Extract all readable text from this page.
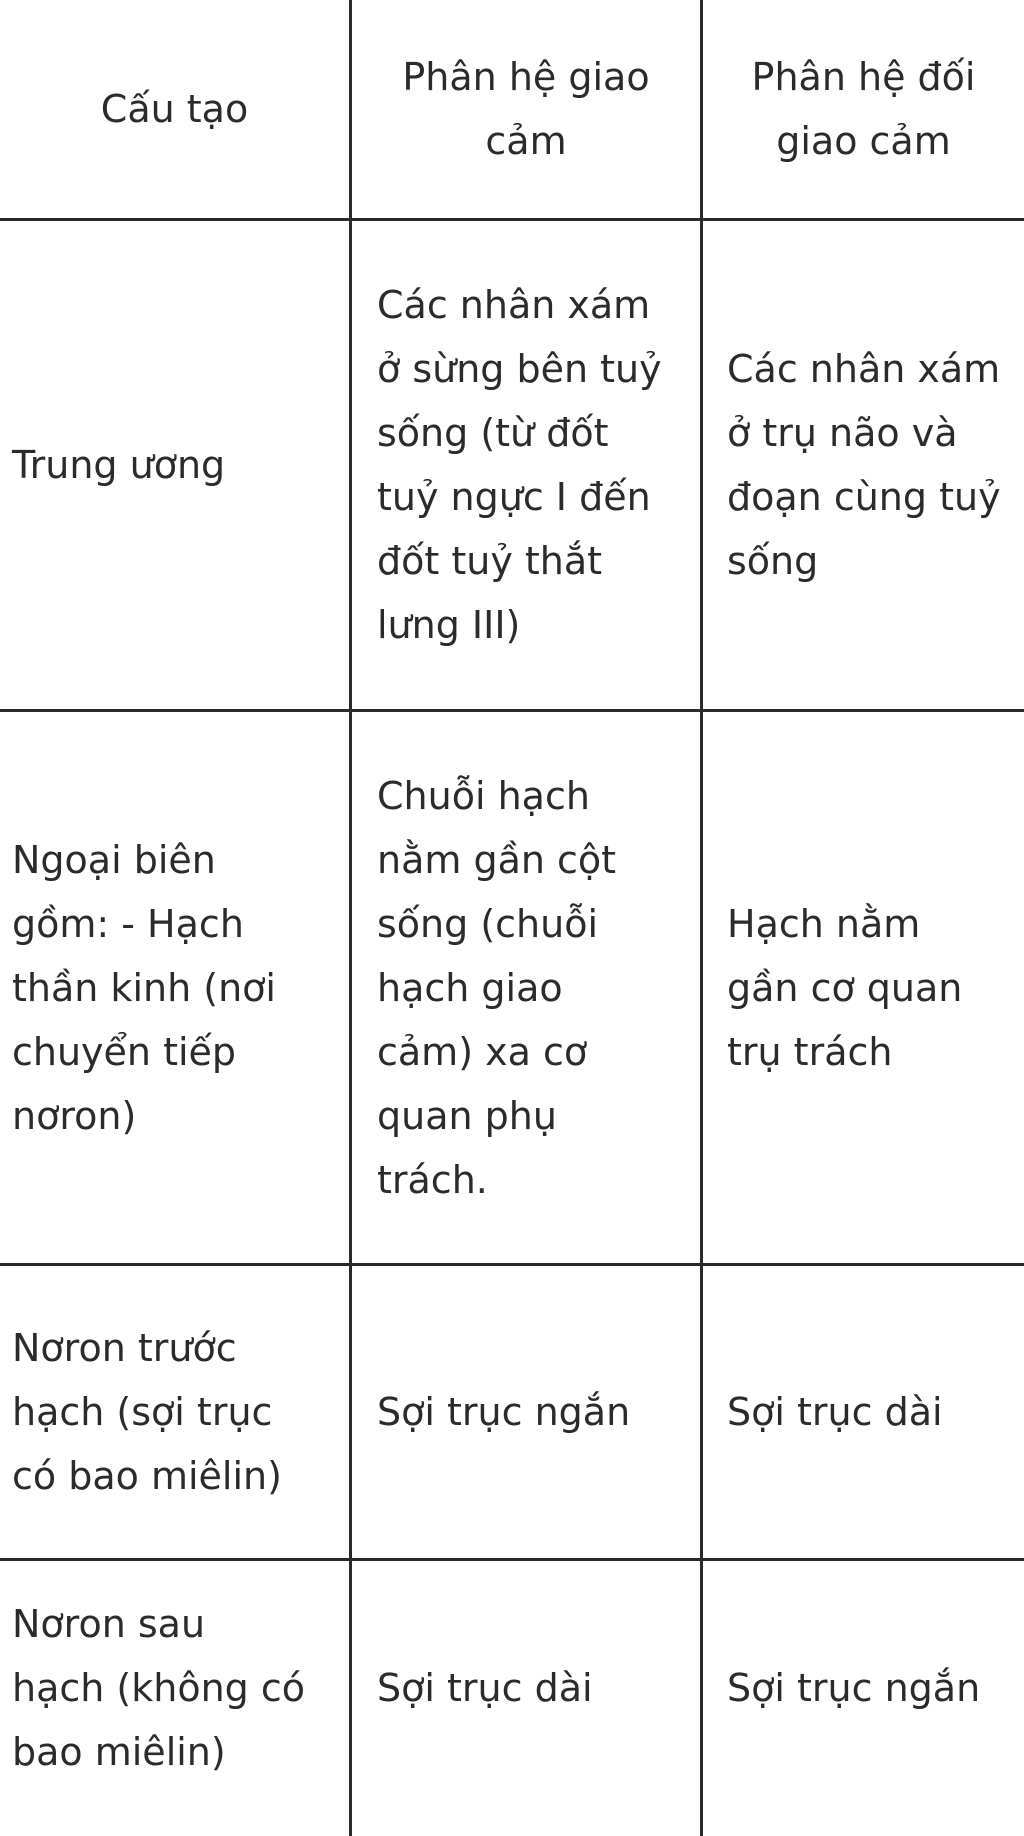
Cấu tạo
Phân hệ giao
cảm
Phân hệ đối
giao cảm
Trung ương
Các nhân xám
ở sừng bên tuỷ
sống (từ đốt
tuỷ ngực I đến
đốt tuỷ thắt
lưng III)
Các nhân xám
ở trụ não và
đoạn cùng tuỷ
sống
Ngoại biên
gồm: - Hạch
thần kinh (nơi
chuyển tiếp
nơron)
Chuỗi hạch
nằm gần cột
sống (chuỗi
hạch giao
cảm) xa cơ
quan phụ
trách.
Hạch nằm
gần cơ quan
trụ trách
Nơron trước
hạch (sợi trục
có bao miêlin)
Sợi trục ngắn	Sợi trục dài
Nơron sau
hạch (không có
bao miêlin)
Sợi trục dài	Sợi trục ngắn
